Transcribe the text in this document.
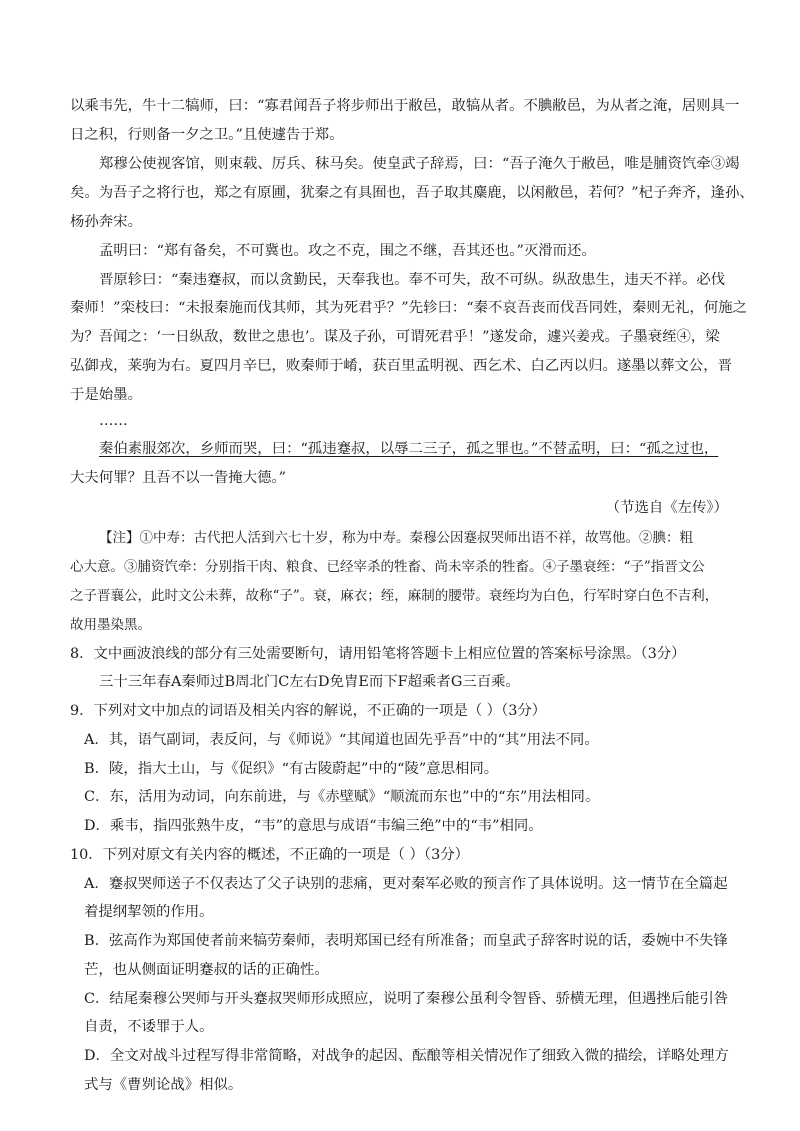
以乘韦先，牛十二犒师，曰：“寡君闻吾子将步师出于敝邑，敢犒从者。不腆敝邑，为从者之淹，居则具一
日之积，行则备一夕之卫。”且使遽告于郑。
郑穆公使视客馆，则束载、厉兵、秣马矣。使皇武子辞焉，曰：“吾子淹久于敝邑，唯是脯资饩牵③竭
矣。为吾子之将行也，郑之有原圃，犹秦之有具囿也，吾子取其麋鹿，以闲敝邑，若何？”杞子奔齐，逢孙、
杨孙奔宋。
孟明曰：“郑有备矣，不可冀也。攻之不克，围之不继，吾其还也。”灭滑而还。
晋原轸曰：“秦违蹇叔，而以贪勤民，天奉我也。奉不可失，敌不可纵。纵敌患生，违天不祥。必伐
秦师！”栾枝曰：“未报秦施而伐其师，其为死君乎？”先轸曰：“秦不哀吾丧而伐吾同姓，秦则无礼，何施之
为？吾闻之：‘一日纵敌，数世之患也’。谋及子孙，可谓死君乎！”遂发命，遽兴姜戎。子墨衰绖④，梁
弘御戎，莱驹为右。夏四月辛巳，败秦师于崤，获百里孟明视、西乞术、白乙丙以归。遂墨以葬文公，晋
于是始墨。
……
秦伯素服郊次，乡师而哭，曰：“孤违蹇叔，以辱二三子，孤之罪也。”不替孟明，曰：“孤之过也，
大夫何罪？且吾不以一眚掩大德。”
（节选自《左传》）
【注】①中寿：古代把人活到六七十岁，称为中寿。秦穆公因蹇叔哭师出语不祥，故骂他。②腆：粗
心大意。③脯资饩牵：分别指干肉、粮食、已经宰杀的牲畜、尚未宰杀的牲畜。④子墨衰绖：“子”指晋文公
之子晋襄公，此时文公未葬，故称“子”。衰，麻衣；绖，麻制的腰带。衰绖均为白色，行军时穿白色不吉利，
故用墨染黑。
8．文中画波浪线的部分有三处需要断句，请用铅笔将答题卡上相应位置的答案标号涂黑。（3分）
三十三年春A秦师过B周北门C左右D免胄E而下F超乘者G三百乘。
9．下列对文中加点的词语及相关内容的解说，不正确的一项是（ ）（3分）
A．其，语气副词，表反问，与《师说》“其闻道也固先乎吾”中的“其”用法不同。
B．陵，指大土山，与《促织》“有古陵蔚起”中的“陵”意思相同。
C．东，活用为动词，向东前进，与《赤壁赋》“顺流而东也”中的“东”用法相同。
D．乘韦，指四张熟牛皮，“韦”的意思与成语“韦编三绝”中的“韦”相同。
10．下列对原文有关内容的概述，不正确的一项是（ ）（3分）
A．蹇叔哭师送子不仅表达了父子诀别的悲痛，更对秦军必败的预言作了具体说明。这一情节在全篇起
着提纲挈领的作用。
B．弦高作为郑国使者前来犒劳秦师，表明郑国已经有所准备；而皇武子辞客时说的话，委婉中不失锋
芒，也从侧面证明蹇叔的话的正确性。
C．结尾秦穆公哭师与开头蹇叔哭师形成照应，说明了秦穆公虽利令智昏、骄横无理，但遇挫后能引咎
自责，不诿罪于人。
D．全文对战斗过程写得非常简略，对战争的起因、酝酿等相关情况作了细致入微的描绘，详略处理方
式与《曹刿论战》相似。
